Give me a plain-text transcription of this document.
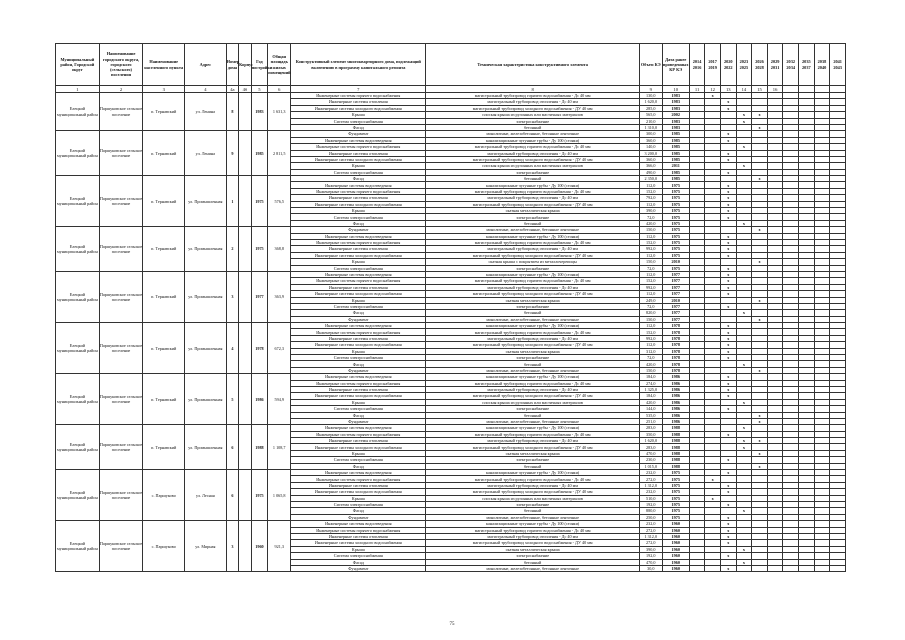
Муниципальный район, Городской округ	Наименование городского округа, городского (сельского) поселения	Наименование населенного пункта	Адрес	Номер дома	Корпус	Год постройки	Общая площадь жилых помещений	Конструктивный элемент многоквартирного дома, подлежащий включению в программу капитального ремонта	Техническая характеристика конструктивного элемента	Объем КЭ	Дата ранее проведенных КР КЭ	2014 2016	2017 2019	2020 2022	2023 2025	2026 2028	2029 2031	2032 2034	2035 2037	2038 2040	2041 2043
1	2	3	4	4а	4б	5	6	7	8	9	10	11	12	13	14	15	16				
Елецкий муниципальный район	Паршуковское сельское поселение	п. Тернавский	ул. Ленина	8		1983	1 631,3	Инженерные системы горячего водоснабжения	магистральный трубопровод горячего водоснабжения - Дс 40 мм	130,0	1983		x								
								Инженерные системы отопления	магистральный трубопровод отопления - Дс 40 мм	1 620,0	1983			x							
								Инженерные системы холодного водоснабжения	магистральный трубопровод холодного водоснабжения - ДУ 40 мм	285,0	1983			x							
								Крыша	плоская крыша из рулонных или мастичных материалов	565,0	2002				x	x					
								Система электроснабжения	электроснабжение	210,0	1983				x						
								Фасад	бетонный	1 310,0	1983					x					
Елецкий муниципальный район	Паршуковское сельское поселение	п. Тернавский	ул. Ленина	9		1985	2 811,5	Фундамент	монолитные, железобетонные, бетонные ленточные	300,0	1985			x							
								Инженерные системы водоотведения	канализационные чугунные трубы - Ду 100 (стояки)	360,0	1985			x							
								Инженерные системы горячего водоснабжения	магистральный трубопровод горячего водоснабжения - Дс 40 мм	140,0	1985				x						
								Инженерные системы отопления	магистральный трубопровод отопления - Дс 40 мм	3 200,0	1985			x							
								Инженерные системы холодного водоснабжения	магистральный трубопровод холодного водоснабжения - ДУ 40 мм	360,0	1985			x							
								Крыша	плоская крыша из рулонных или мастичных материалов	366,0	2011				x						
								Система электроснабжения	электроснабжение	490,0	1985			x							
Елецкий муниципальный район	Паршуковское сельское поселение	п. Тернавский	ул. Промышленная	1		1975	576,5	Фасад	бетонный	2 350,0	1985					x					
								Инженерные системы водоотведения	канализационные чугунные трубы - Ду 100 (стояки)	112,0	1975			x							
								Инженерные системы горячего водоснабжения	магистральный трубопровод горячего водоснабжения - Дс 40 мм	152,0	1975			x							
								Инженерные системы отопления	магистральный трубопровод отопления - Дс 40 мм	792,0	1975			x							
								Инженерные системы холодного водоснабжения	магистральный трубопровод холодного водоснабжения - ДУ 40 мм	112,0	1975			x							
								Крыша	скатная металлическая крыша	390,0	1975			x							
								Система электроснабжения	электроснабжение	72,0	1975			x							
								Фасад	бетонный	420,0	1975				x						
Елецкий муниципальный район	Паршуковское сельское поселение	п. Тернавский	ул. Промышленная	2		1975	368,8	Фундамент	монолитные, железобетонные, бетонные ленточные	150,0	1975					x					
								Инженерные системы водоотведения	канализационные чугунные трубы - Ду 100 (стояки)	112,0	1975			x							
								Инженерные системы горячего водоснабжения	магистральный трубопровод горячего водоснабжения - Дс 40 мм	152,0	1975			x							
								Инженерные системы отопления	магистральный трубопровод отопления - Дс 40 мм	992,0	1975			x							
								Инженерные системы холодного водоснабжения	магистральный трубопровод холодного водоснабжения - ДУ 40 мм	112,0	1975			x							
								Крыша	скатная крыша с покрытием из металлочерепицы	150,0	2010					x					
								Система электроснабжения	электроснабжение	72,0	1975			x							
Елецкий муниципальный район	Паршуковское сельское поселение	п. Тернавский	ул. Промышленная	3		1977	363,9	Инженерные системы водоотведения	канализационные чугунные трубы - Ду 100 (стояки)	112,0	1977			x							
								Инженерные системы горячего водоснабжения	магистральный трубопровод горячего водоснабжения - Дс 40 мм	152,0	1977			x							
								Инженерные системы отопления	магистральный трубопровод отопления - Дс 40 мм	992,0	1977			x							
								Инженерные системы холодного водоснабжения	магистральный трубопровод холодного водоснабжения - ДУ 40 мм	112,0	1977			x							
								Крыша	скатная металлическая крыша	249,0	2010					x					
								Система электроснабжения	электроснабжение	72,0	1977			x							
								Фасад	бетонный	820,0	1977				x						
								Фундамент	монолитные, железобетонные, бетонные ленточные	150,0	1977					x					
Елецкий муниципальный район	Паршуковское сельское поселение	п. Тернавский	ул. Промышленная	4		1978	672,3	Инженерные системы водоотведения	канализационные чугунные трубы - Ду 100 (стояки)	112,0	1978			x							
								Инженерные системы горячего водоснабжения	магистральный трубопровод горячего водоснабжения - Дс 40 мм	152,0	1978			x							
								Инженерные системы отопления	магистральный трубопровод отопления - Дс 40 мм	992,0	1978			x							
								Инженерные системы холодного водоснабжения	магистральный трубопровод холодного водоснабжения - ДУ 40 мм	112,0	1978			x							
								Крыша	скатная металлическая крыша	312,0	1978			x							
								Система электроснабжения	электроснабжение	72,0	1978			x							
								Фасад	бетонный	420,0	1978				x						
								Фундамент	монолитные, железобетонные, бетонные ленточные	150,0	1978					x					
Елецкий муниципальный район	Паршуковское сельское поселение	п. Тернавский	ул. Промышленная	5		1986	594,9	Инженерные системы водоотведения	канализационные чугунные трубы - Ду 100 (стояки)	184,0	1986			x							
								Инженерные системы горячего водоснабжения	магистральный трубопровод горячего водоснабжения - Дс 40 мм	274,0	1986			x							
								Инженерные системы отопления	магистральный трубопровод отопления - Дс 40 мм	1 325,0	1986			x							
								Инженерные системы холодного водоснабжения	магистральный трубопровод холодного водоснабжения - ДУ 40 мм	184,0	1986			x							
								Крыша	плоская крыша из рулонных или мастичных материалов	420,0	1986				x						
								Система электроснабжения	электроснабжение	144,0	1986			x							
								Фасад	бетонный	535,0	1986					x					
								Фундамент	монолитные, железобетонные, бетонные ленточные	251,0	1986					x					
Елецкий муниципальный район	Паршуковское сельское поселение	п. Тернавский	ул. Промышленная	6		1988	1 108,7	Инженерные системы водоотведения	канализационные чугунные трубы - Ду 100 (стояки)	283,0	1988				x						
								Инженерные системы горячего водоснабжения	магистральный трубопровод горячего водоснабжения - Дс 40 мм	350,0	1988			x							
								Инженерные системы отопления	магистральный трубопровод отопления - Дс 40 мм	1 620,0	1988				x	x					
								Инженерные системы холодного водоснабжения	магистральный трубопровод холодного водоснабжения - ДУ 40 мм	283,0	1988				x						
								Крыша	скатная металлическая крыша	470,0	1988					x					
								Система электроснабжения	электроснабжение	230,0	1988			x							
								Фасад	бетонный	1 015,0	1988					x					
Елецкий муниципальный район	Паршуковское сельское поселение	с. Паршуково	ул. Лесная	6		1975	1 065,8	Инженерные системы водоотведения	канализационные чугунные трубы - Ду 100 (стояки)	232,0	1975			x							
								Инженерные системы горячего водоснабжения	магистральный трубопровод горячего водоснабжения - Дс 40 мм	272,0	1975		x								
								Инженерные системы отопления	магистральный трубопровод отопления - Дс 40 мм	1 312,0	1975			x							
								Инженерные системы холодного водоснабжения	магистральный трубопровод холодного водоснабжения - ДУ 40 мм	232,0	1975			x							
								Крыша	плоская крыша из рулонных или мастичных материалов	510,0	1975		x								
								Система электроснабжения	электроснабжение	192,0	1975			x							
								Фасад	бетонный	880,0	1975				x						
								Фундамент	монолитные, железобетонные, бетонные ленточные	250,0	1975			x							
Елецкий муниципальный район	Паршуковское сельское поселение	с. Паршуково	ул. Мирная	3		1960	921,3	Инженерные системы водоотведения	канализационные чугунные трубы - Ду 100 (стояки)	232,0	1960			x							
								Инженерные системы горячего водоснабжения	магистральный трубопровод горячего водоснабжения - Дс 40 мм	272,0	1960			x							
								Инженерные системы отопления	магистральный трубопровод отопления - Дс 40 мм	1 312,0	1960			x							
								Инженерные системы холодного водоснабжения	магистральный трубопровод холодного водоснабжения - ДУ 40 мм	272,0	1960			x							
								Крыша	скатная металлическая крыша	390,0	1960				x						
								Система электроснабжения	электроснабжение	192,0	1960			x							
								Фасад	бетонный	470,0	1960				x						
								Фундамент	монолитные, железобетонные, бетонные ленточные	30,0	1960			x							
75
